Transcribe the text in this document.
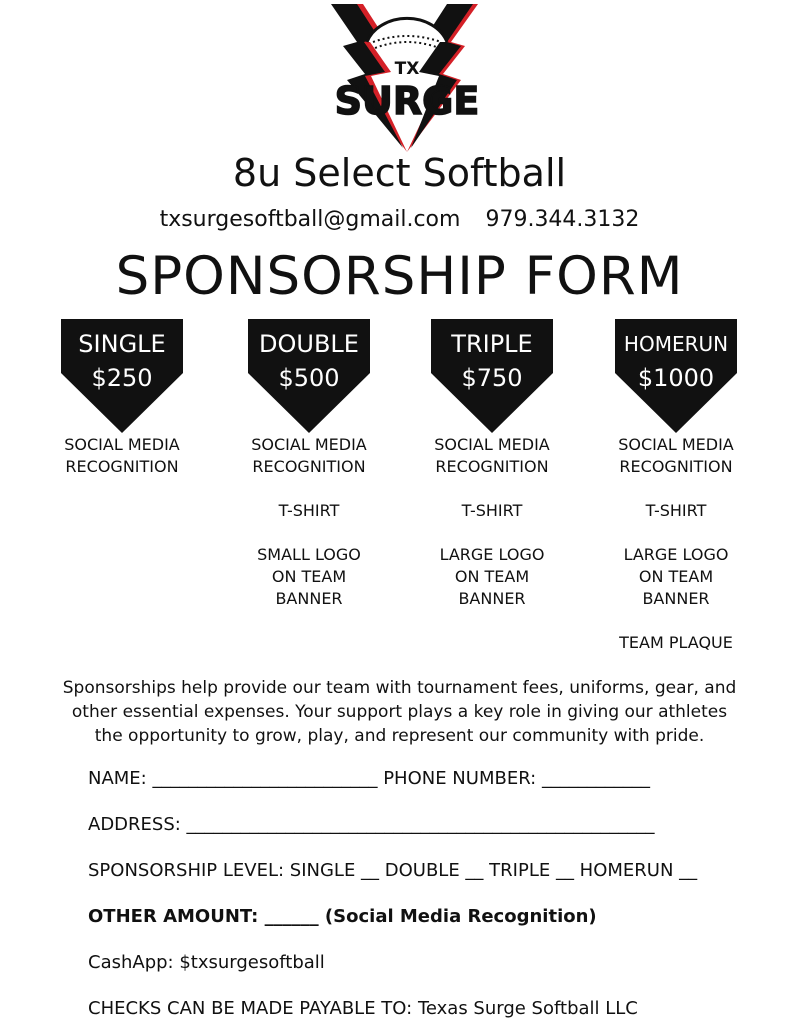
TX
SURGE
8u Select Softball
txsurgesoftball@gmail.com 979.344.3132
SPONSORSHIP FORM
SINGLE
$250
DOUBLE
$500
TRIPLE
$750
HOMERUN
$1000
SOCIAL MEDIA
RECOGNITION
SOCIAL MEDIA
RECOGNITION
T-SHIRT
SMALL LOGO
ON TEAM
BANNER
SOCIAL MEDIA
RECOGNITION
T-SHIRT
LARGE LOGO
ON TEAM
BANNER
SOCIAL MEDIA
RECOGNITION
T-SHIRT
LARGE LOGO
ON TEAM
BANNER
TEAM PLAQUE
Sponsorships help provide our team with tournament fees, uniforms, gear, and other essential expenses. Your support plays a key role in giving our athletes the opportunity to grow, play, and represent our community with pride.
NAME: _________________________ PHONE NUMBER: ____________
ADDRESS: ____________________________________________________
SPONSORSHIP LEVEL: SINGLE __ DOUBLE __ TRIPLE __ HOMERUN __
OTHER AMOUNT: ______ (Social Media Recognition)
CashApp: $txsurgesoftball
CHECKS CAN BE MADE PAYABLE TO: Texas Surge Softball LLC
